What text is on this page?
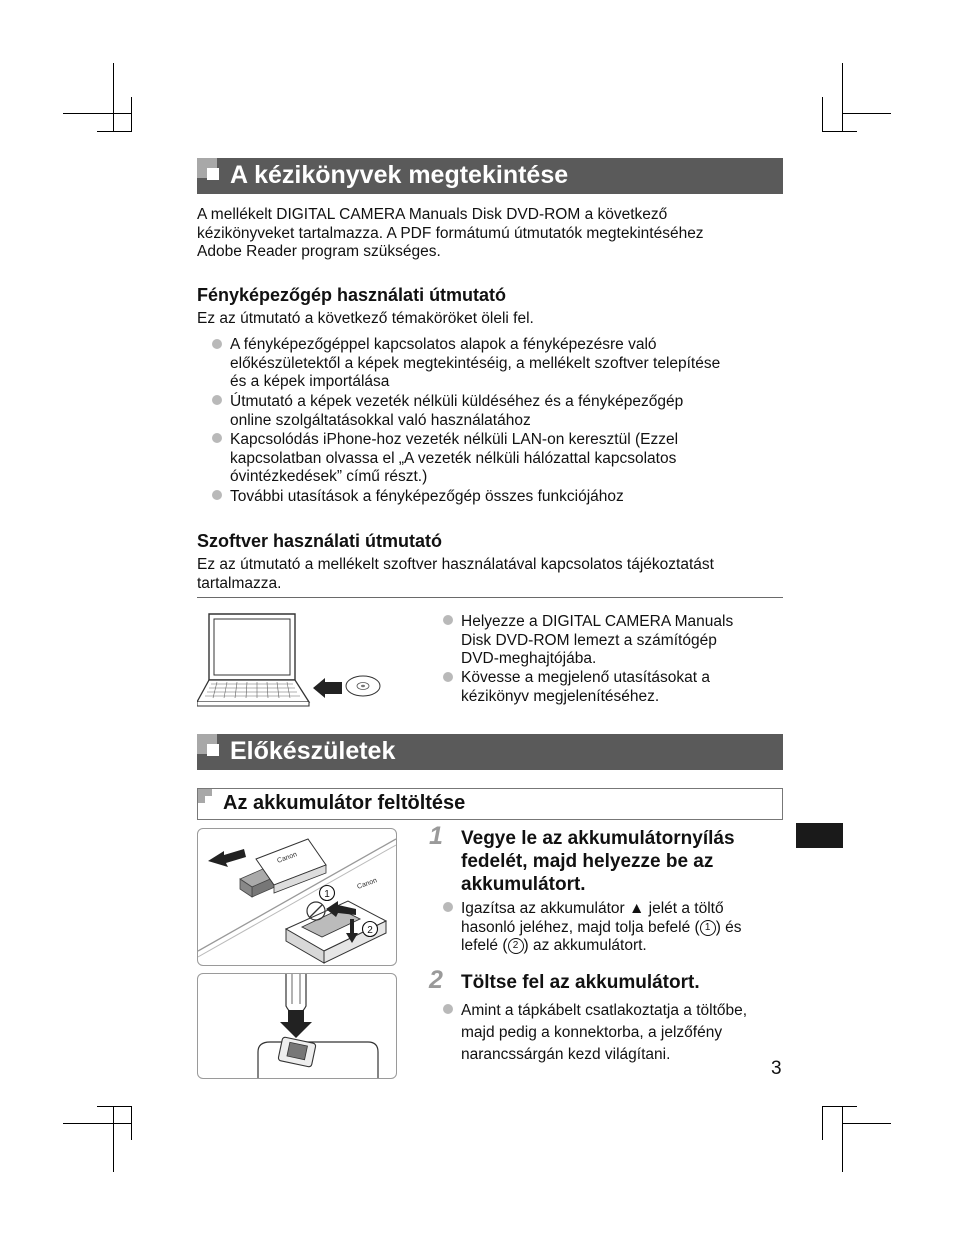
A kézikönyvek megtekintése
A mellékelt DIGITAL CAMERA Manuals Disk DVD-ROM a következő
kézikönyveket tartalmazza. A PDF formátumú útmutatók megtekintéséhez
Adobe Reader program szükséges.
Fényképezőgép használati útmutató
Ez az útmutató a következő témaköröket öleli fel.
A fényképezőgéppel kapcsolatos alapok a fényképezésre való
előkészületektől a képek megtekintéséig, a mellékelt szoftver telepítése
és a képek importálása
Útmutató a képek vezeték nélküli küldéséhez és a fényképezőgép
online szolgáltatásokkal való használatához
Kapcsolódás iPhone-hoz vezeték nélküli LAN-on keresztül (Ezzel
kapcsolatban olvassa el „A vezeték nélküli hálózattal kapcsolatos
óvintézkedések” című részt.)
További utasítások a fényképezőgép összes funkciójához
Szoftver használati útmutató
Ez az útmutató a mellékelt szoftver használatával kapcsolatos tájékoztatást
tartalmazza.
Helyezze a DIGITAL CAMERA Manuals
Disk DVD-ROM lemezt a számítógép
DVD-meghajtójába.
Kövesse a megjelenő utasításokat a
kézikönyv megjelenítéséhez.
Előkészületek
Az akkumulátor feltöltése
Canon
Canon
1
2
1 Vegye le az akkumulátornyílás
fedelét, majd helyezze be az
akkumulátort.
Igazítsa az akkumulátor ▲ jelét a töltő
hasonló jeléhez, majd tolja befelé ( 1 ) és
lefelé ( 2 ) az akkumulátort.
2 Töltse fel az akkumulátort.
Amint a tápkábelt csatlakoztatja a töltőbe,
majd pedig a konnektorba, a jelzőfény
narancssárgán kezd világítani.
3
